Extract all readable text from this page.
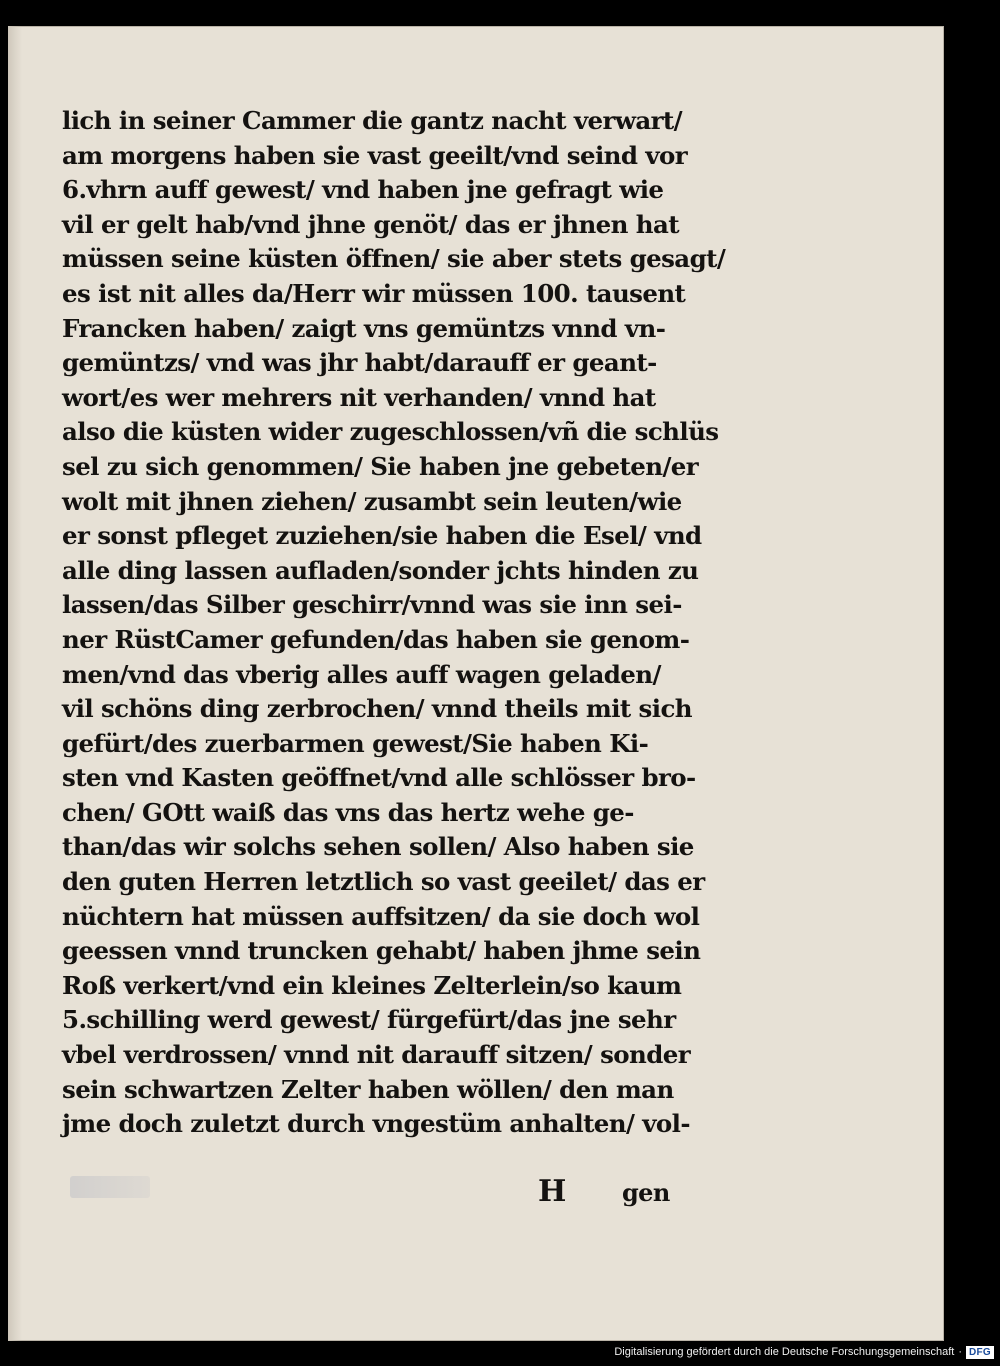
lich in seiner Cammer die gantz nacht verwart/
am morgens haben sie vast geeilt/vnd seind vor
6.vhrn auff gewest/ vnd haben jne gefragt wie
vil er gelt hab/vnd jhne genöt/ das er jhnen hat
müssen seine küsten öffnen/ sie aber stets gesagt/
es ist nit alles da/Herr wir müssen 100. tausent
Francken haben/ zaigt vns gemüntzs vnnd vn-
gemüntzs/ vnd was jhr habt/darauff er geant-
wort/es wer mehrers nit verhanden/ vnnd hat
also die küsten wider zugeschlossen/vñ die schlüs
sel zu sich genommen/ Sie haben jne gebeten/er
wolt mit jhnen ziehen/ zusambt sein leuten/wie
er sonst pfleget zuziehen/sie haben die Esel/ vnd
alle ding lassen aufladen/sonder jchts hinden zu
lassen/das Silber geschirr/vnnd was sie inn sei-
ner RüstCamer gefunden/das haben sie genom-
men/vnd das vberig alles auff wagen geladen/
vil schöns ding zerbrochen/ vnnd theils mit sich
gefürt/des zuerbarmen gewest/Sie haben Ki-
sten vnd Kasten geöffnet/vnd alle schlösser bro-
chen/ GOtt waiß das vns das hertz wehe ge-
than/das wir solchs sehen sollen/ Also haben sie
den guten Herren letztlich so vast geeilet/ das er
nüchtern hat müssen auffsitzen/ da sie doch wol
geessen vnnd truncken gehabt/ haben jhme sein
Roß verkert/vnd ein kleines Zelterlein/so kaum
5.schilling werd gewest/ fürgefürt/das jne sehr
vbel verdrossen/ vnnd nit darauff sitzen/ sonder
sein schwartzen Zelter haben wöllen/ den man
jme doch zuletzt durch vngestüm anhalten/ vol-
H gen
Digitalisierung gefördert durch die Deutsche Forschungsgemeinschaft · DFG
